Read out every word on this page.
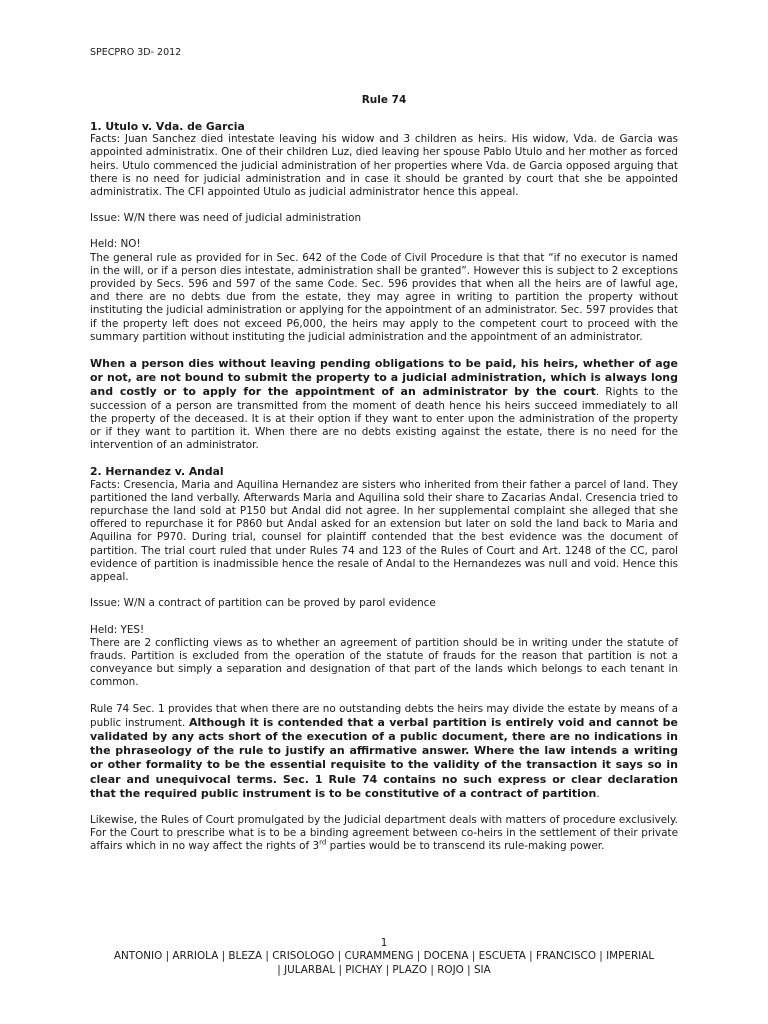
SPECPRO 3D- 2012
Rule 74

1. Utulo v. Vda. de Garcia

Facts: Juan Sanchez died intestate leaving his widow and 3 children as heirs. His widow, Vda. de Garcia was appointed administratix. One of their children Luz, died leaving her spouse Pablo Utulo and her mother as forced heirs. Utulo commenced the judicial administration of her properties where Vda. de Garcia opposed arguing that there is no need for judicial administration and in case it should be granted by court that she be appointed administratix. The CFI appointed Utulo as judicial administrator hence this appeal.

Issue: W/N there was need of judicial administration

Held: NO!

The general rule as provided for in Sec. 642 of the Code of Civil Procedure is that that “if no executor is named in the will, or if a person dies intestate, administration shall be granted”. However this is subject to 2 exceptions provided by Secs. 596 and 597 of the same Code. Sec. 596 provides that when all the heirs are of lawful age, and there are no debts due from the estate, they may agree in writing to partition the property without instituting the judicial administration or applying for the appointment of an administrator. Sec. 597 provides that if the property left does not exceed P6,000, the heirs may apply to the competent court to proceed with the summary partition without instituting the judicial administration and the appointment of an administrator.

When a person dies without leaving pending obligations to be paid, his heirs, whether of age or not, are not bound to submit the property to a judicial administration, which is always long and costly or to apply for the appointment of an administrator by the court. Rights to the succession of a person are transmitted from the moment of death hence his heirs succeed immediately to all the property of the deceased. It is at their option if they want to enter upon the administration of the property or if they want to partition it. When there are no debts existing against the estate, there is no need for the intervention of an administrator.

2. Hernandez v. Andal

Facts: Cresencia, Maria and Aquilina Hernandez are sisters who inherited from their father a parcel of land. They partitioned the land verbally. Afterwards Maria and Aquilina sold their share to Zacarias Andal. Cresencia tried to repurchase the land sold at P150 but Andal did not agree. In her supplemental complaint she alleged that she offered to repurchase it for P860 but Andal asked for an extension but later on sold the land back to Maria and Aquilina for P970. During trial, counsel for plaintiff contended that the best evidence was the document of partition. The trial court ruled that under Rules 74 and 123 of the Rules of Court and Art. 1248 of the CC, parol evidence of partition is inadmissible hence the resale of Andal to the Hernandezes was null and void. Hence this appeal.

Issue: W/N a contract of partition can be proved by parol evidence

Held: YES!

There are 2 conflicting views as to whether an agreement of partition should be in writing under the statute of frauds. Partition is excluded from the operation of the statute of frauds for the reason that partition is not a conveyance but simply a separation and designation of that part of the lands which belongs to each tenant in common.

Rule 74 Sec. 1 provides that when there are no outstanding debts the heirs may divide the estate by means of a public instrument. Although it is contended that a verbal partition is entirely void and cannot be validated by any acts short of the execution of a public document, there are no indications in the phraseology of the rule to justify an affirmative answer. Where the law intends a writing or other formality to be the essential requisite to the validity of the transaction it says so in clear and unequivocal terms. Sec. 1 Rule 74 contains no such express or clear declaration that the required public instrument is to be constitutive of a contract of partition.

Likewise, the Rules of Court promulgated by the Judicial department deals with matters of procedure exclusively. For the Court to prescribe what is to be a binding agreement between co-heirs in the settlement of their private affairs which in no way affect the rights of 3rd parties would be to transcend its rule-making power.

1
ANTONIO | ARRIOLA | BLEZA | CRISOLOGO | CURAMMENG | DOCENA | ESCUETA | FRANCISCO | IMPERIAL
| JULARBAL | PICHAY | PLAZO | ROJO | SIA
